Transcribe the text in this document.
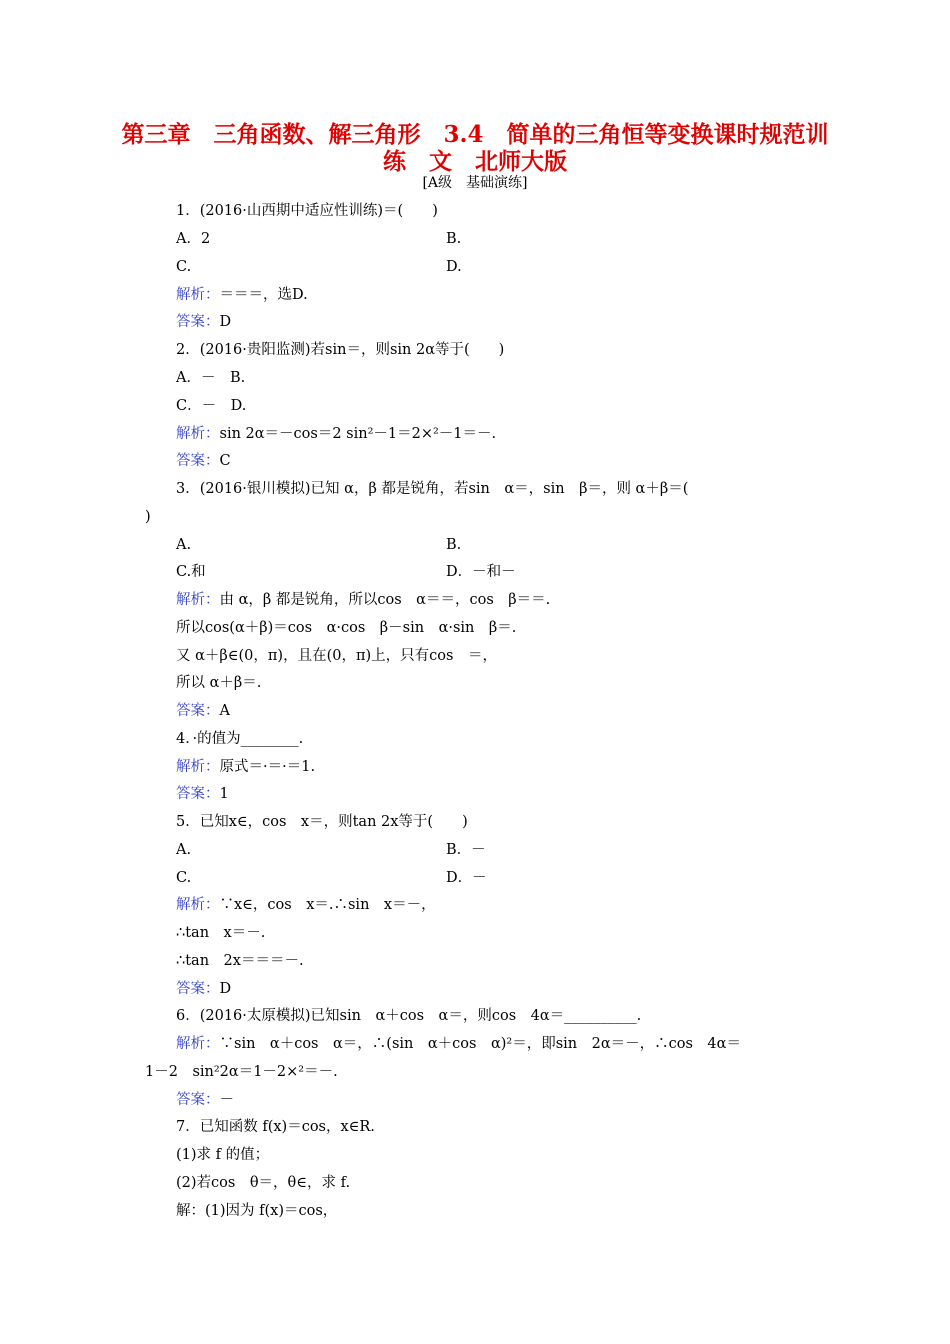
第三章　三角函数、解三角形　3.4　简单的三角恒等变换课时规范训
练　文　北师大版
[A级　基础演练]
1．(2016·山西期中适应性训练)＝(　　)
A．2	B.
C.	D.
解析：＝＝＝，选D.
答案：D
2．(2016·贵阳监测)若sin＝，则sin 2α等于(　　)
A．－　B.
C．－　D.
解析：sin 2α＝－cos＝2 sin²－1＝2×²－1＝－.
答案：C
3．(2016·银川模拟)已知 α，β 都是锐角，若sin　α＝，sin　β＝，则 α＋β＝(
)
A.	B.
C.和	D．－和－
解析：由 α，β 都是锐角，所以cos　α＝＝，cos　β＝＝.
所以cos(α＋β)＝cos　α·cos　β－sin　α·sin　β＝.
又 α＋β∈(0，π)，且在(0，π)上，只有cos　＝，
所以 α＋β＝.
答案：A
4．·的值为________.
解析：原式＝·＝·＝1.
答案：1
5．已知x∈，cos　x＝，则tan 2x等于(　　)
A.	B．－
C.	D．－
解析：∵x∈，cos　x＝.∴sin　x＝－，
∴tan　x＝－.
∴tan　2x＝＝＝－.
答案：D
6．(2016·太原模拟)已知sin　α＋cos　α＝，则cos　4α＝__________.
解析：∵sin　α＋cos　α＝，∴(sin　α＋cos　α)²＝，即sin　2α＝－，∴cos　4α＝
1－2　sin²2α＝1－2×²＝－.
答案：－
7．已知函数 f(x)＝cos，x∈R.
(1)求 f 的值；
(2)若cos　θ＝，θ∈，求 f.
解：(1)因为 f(x)＝cos，
